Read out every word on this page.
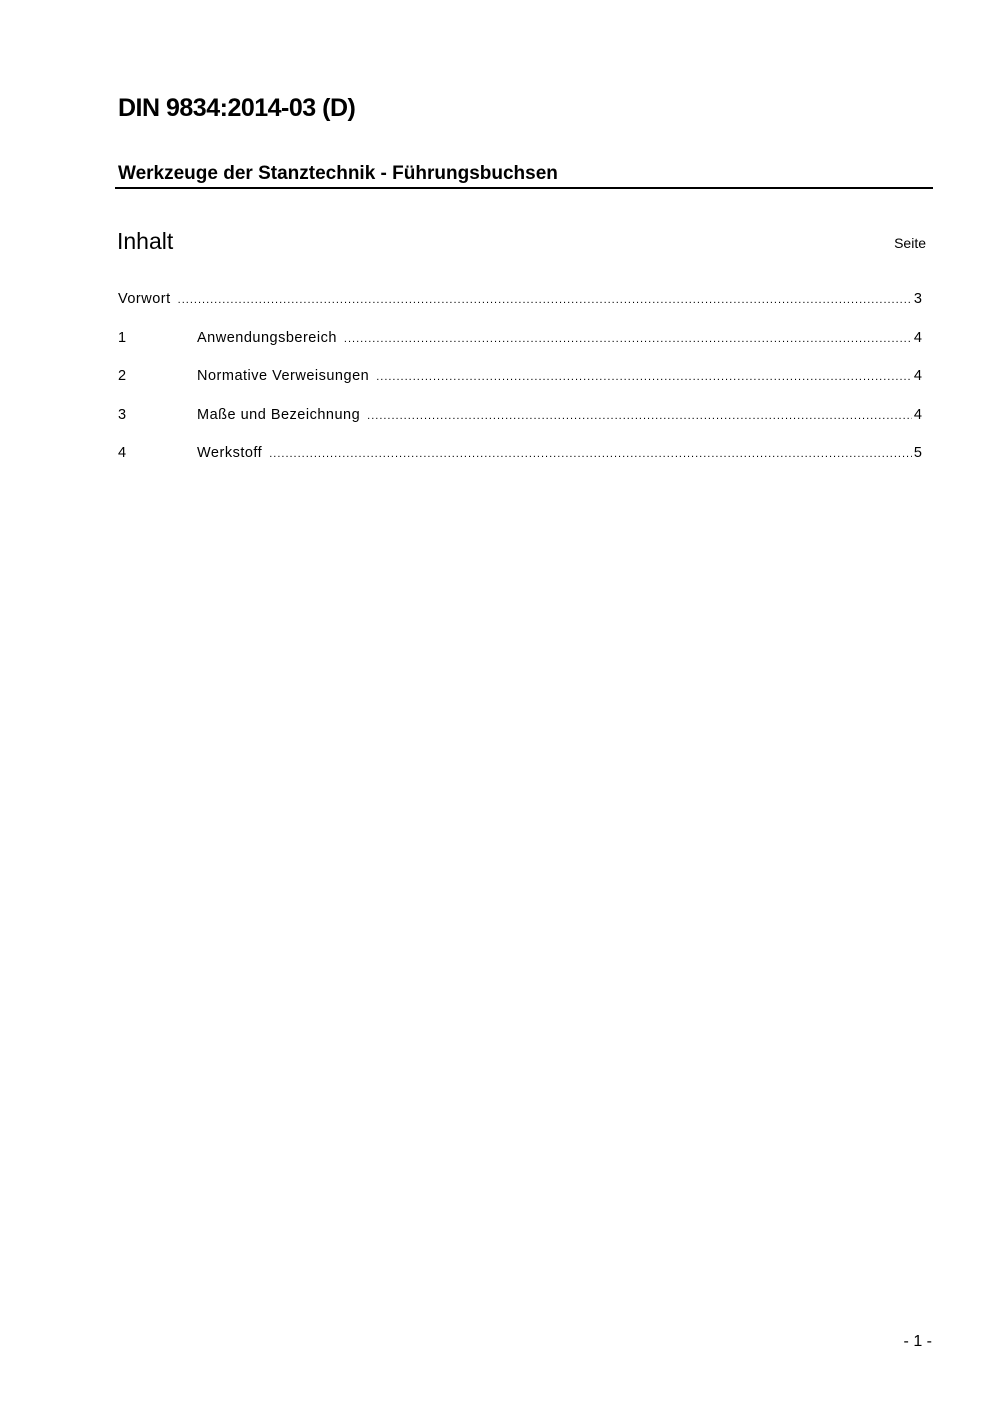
DIN 9834:2014-03 (D)
Werkzeuge der Stanztechnik - Führungsbuchsen
Inhalt	Seite
Vorwort .....	3
1	Anwendungsbereich .....	4
2	Normative Verweisungen .....	4
3	Maße und Bezeichnung .....	4
4	Werkstoff .....	5
- 1 -
